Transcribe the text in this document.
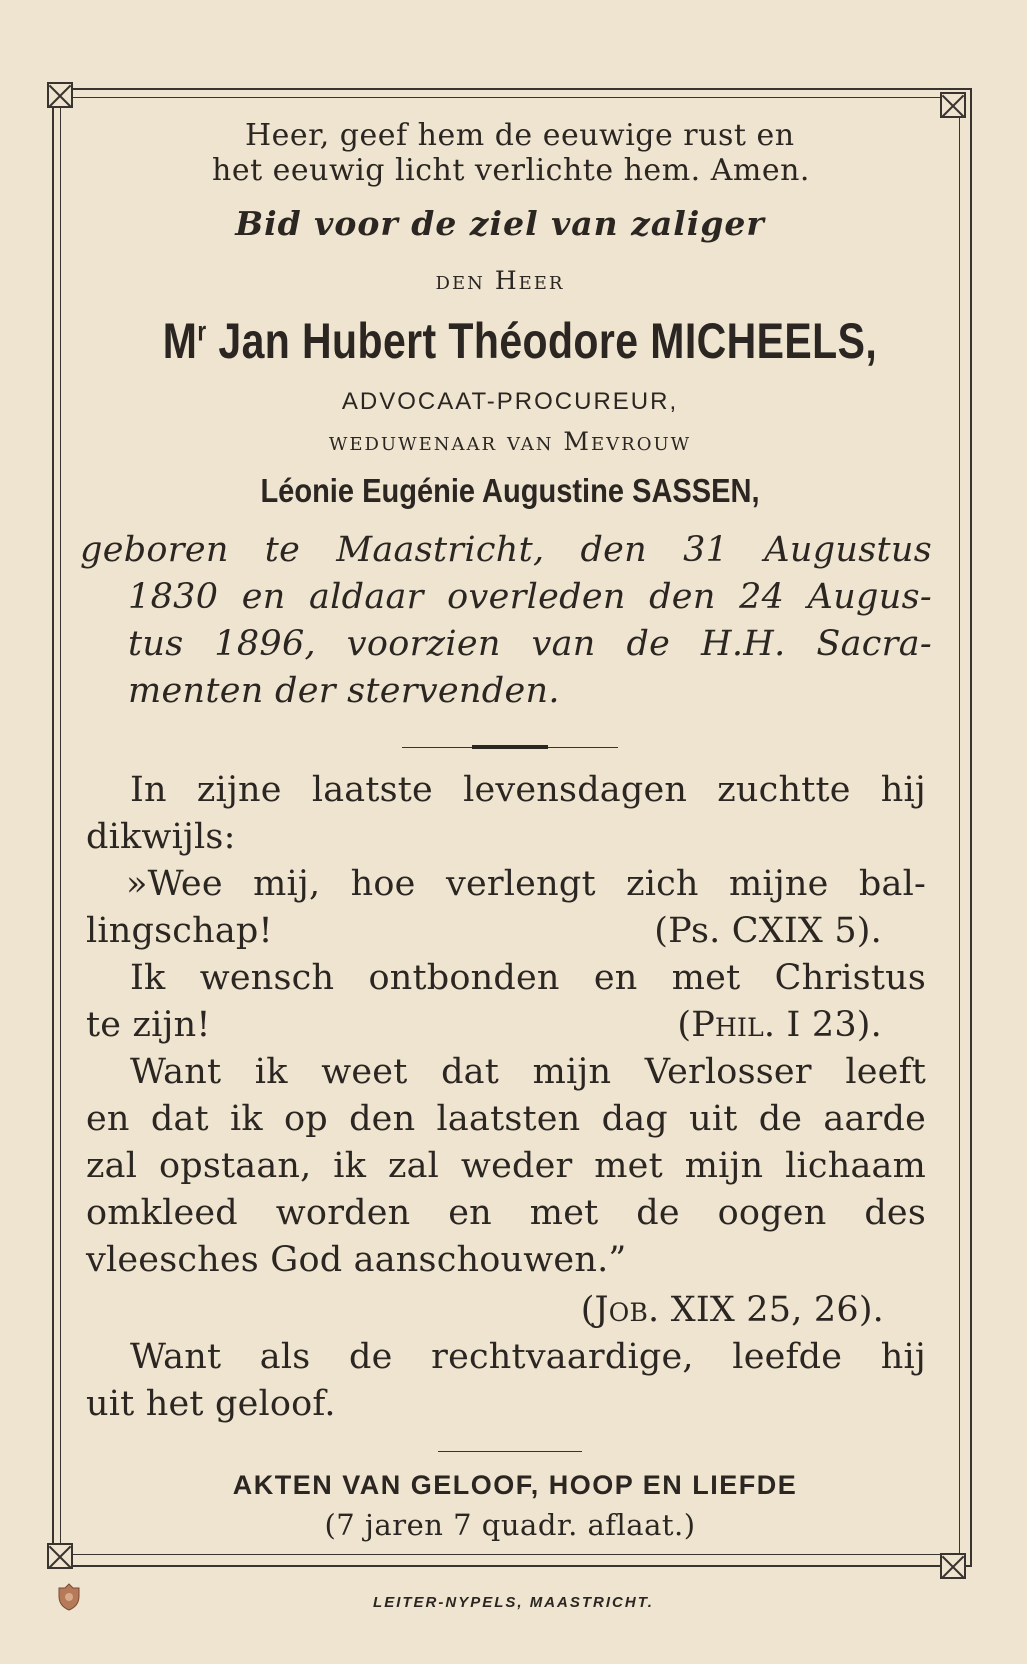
Heer, geef hem de eeuwige rust en
het eeuwig licht verlichte hem. Amen.
Bid voor de ziel van zaliger
den Heer
$M^r$ Jan Hubert Théodore MICHEELS,
ADVOCAAT-PROCUREUR,
weduwenaar van Mevrouw
Léonie Eugénie Augustine SASSEN,
geboren te Maastricht, den 31 Augustus
1830 en aldaar overleden den 24 Augus-
tus 1896, voorzien van de H.H. Sacra-
menten der stervenden.
In zijne laatste levensdagen zuchtte hij
dikwijls:
»Wee mij, hoe verlengt zich mijne bal-
lingschap!	(Ps. CXIX 5).
Ik wensch ontbonden en met Christus
te zijn!	(Phil. I 23).
Want ik weet dat mijn Verlosser leeft
en dat ik op den laatsten dag uit de aarde
zal opstaan, ik zal weder met mijn lichaam
omkleed worden en met de oogen des
vleesches God aanschouwen.”
(Job. XIX 25, 26).
Want als de rechtvaardige, leefde hij
uit het geloof.
AKTEN VAN GELOOF, HOOP EN LIEFDE
(7 jaren 7 quadr. aflaat.)
LEITER-NYPELS, MAASTRICHT.
